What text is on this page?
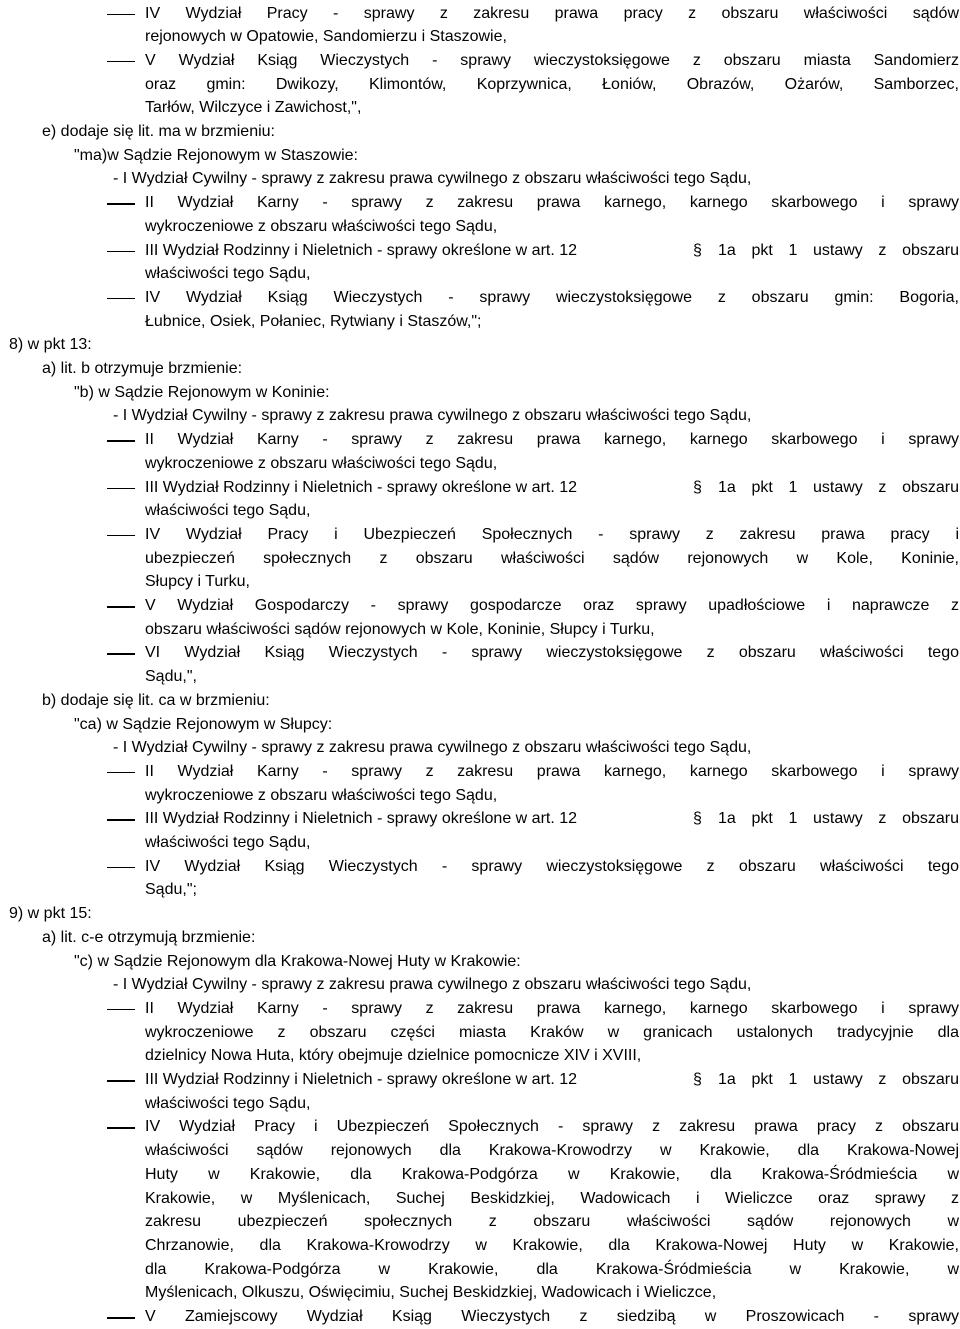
IV Wydział Pracy - sprawy z zakresu prawa pracy z obszaru właściwości sądów
rejonowych w Opatowie, Sandomierzu i Staszowie,
V Wydział Ksiąg Wieczystych - sprawy wieczystoksięgowe z obszaru miasta Sandomierz
oraz gmin: Dwikozy, Klimontów, Koprzywnica, Łoniów, Obrazów, Ożarów, Samborzec,
Tarłów, Wilczyce i Zawichost,",
e) dodaje się lit. ma w brzmieniu:
"ma)w Sądzie Rejonowym w Staszowie:
- I Wydział Cywilny - sprawy z zakresu prawa cywilnego z obszaru właściwości tego Sądu,
II Wydział Karny - sprawy z zakresu prawa karnego, karnego skarbowego i sprawy
wykroczeniowe z obszaru właściwości tego Sądu,
III Wydział Rodzinny i Nieletnich - sprawy określone w art. 12	§ 1a pkt 1 ustawy z obszaru
właściwości tego Sądu,
IV Wydział Ksiąg Wieczystych - sprawy wieczystoksięgowe z obszaru gmin: Bogoria,
Łubnice, Osiek, Połaniec, Rytwiany i Staszów,";
8) w pkt 13:
a) lit. b otrzymuje brzmienie:
"b) w Sądzie Rejonowym w Koninie:
- I Wydział Cywilny - sprawy z zakresu prawa cywilnego z obszaru właściwości tego Sądu,
II Wydział Karny - sprawy z zakresu prawa karnego, karnego skarbowego i sprawy
wykroczeniowe z obszaru właściwości tego Sądu,
III Wydział Rodzinny i Nieletnich - sprawy określone w art. 12	§ 1a pkt 1 ustawy z obszaru
właściwości tego Sądu,
IV Wydział Pracy i Ubezpieczeń Społecznych - sprawy z zakresu prawa pracy i
ubezpieczeń społecznych z obszaru właściwości sądów rejonowych w Kole, Koninie,
Słupcy i Turku,
V Wydział Gospodarczy - sprawy gospodarcze oraz sprawy upadłościowe i naprawcze z
obszaru właściwości sądów rejonowych w Kole, Koninie, Słupcy i Turku,
VI Wydział Ksiąg Wieczystych - sprawy wieczystoksięgowe z obszaru właściwości tego
Sądu,",
b) dodaje się lit. ca w brzmieniu:
"ca) w Sądzie Rejonowym w Słupcy:
- I Wydział Cywilny - sprawy z zakresu prawa cywilnego z obszaru właściwości tego Sądu,
II Wydział Karny - sprawy z zakresu prawa karnego, karnego skarbowego i sprawy
wykroczeniowe z obszaru właściwości tego Sądu,
III Wydział Rodzinny i Nieletnich - sprawy określone w art. 12	§ 1a pkt 1 ustawy z obszaru
właściwości tego Sądu,
IV Wydział Ksiąg Wieczystych - sprawy wieczystoksięgowe z obszaru właściwości tego
Sądu,";
9) w pkt 15:
a) lit. c-e otrzymują brzmienie:
"c) w Sądzie Rejonowym dla Krakowa-Nowej Huty w Krakowie:
- I Wydział Cywilny - sprawy z zakresu prawa cywilnego z obszaru właściwości tego Sądu,
II Wydział Karny - sprawy z zakresu prawa karnego, karnego skarbowego i sprawy
wykroczeniowe z obszaru części miasta Kraków w granicach ustalonych tradycyjnie dla
dzielnicy Nowa Huta, który obejmuje dzielnice pomocnicze XIV i XVIII,
III Wydział Rodzinny i Nieletnich - sprawy określone w art. 12	§ 1a pkt 1 ustawy z obszaru
właściwości tego Sądu,
IV Wydział Pracy i Ubezpieczeń Społecznych - sprawy z zakresu prawa pracy z obszaru
właściwości sądów rejonowych dla Krakowa-Krowodrzy w Krakowie, dla Krakowa-Nowej
Huty w Krakowie, dla Krakowa-Podgórza w Krakowie, dla Krakowa-Śródmieścia w
Krakowie, w Myślenicach, Suchej Beskidzkiej, Wadowicach i Wieliczce oraz sprawy z
zakresu ubezpieczeń społecznych z obszaru właściwości sądów rejonowych w
Chrzanowie, dla Krakowa-Krowodrzy w Krakowie, dla Krakowa-Nowej Huty w Krakowie,
dla Krakowa-Podgórza w Krakowie, dla Krakowa-Śródmieścia w Krakowie, w
Myślenicach, Olkuszu, Oświęcimiu, Suchej Beskidzkiej, Wadowicach i Wieliczce,
V Zamiejscowy Wydział Ksiąg Wieczystych z siedzibą w Proszowicach - sprawy
